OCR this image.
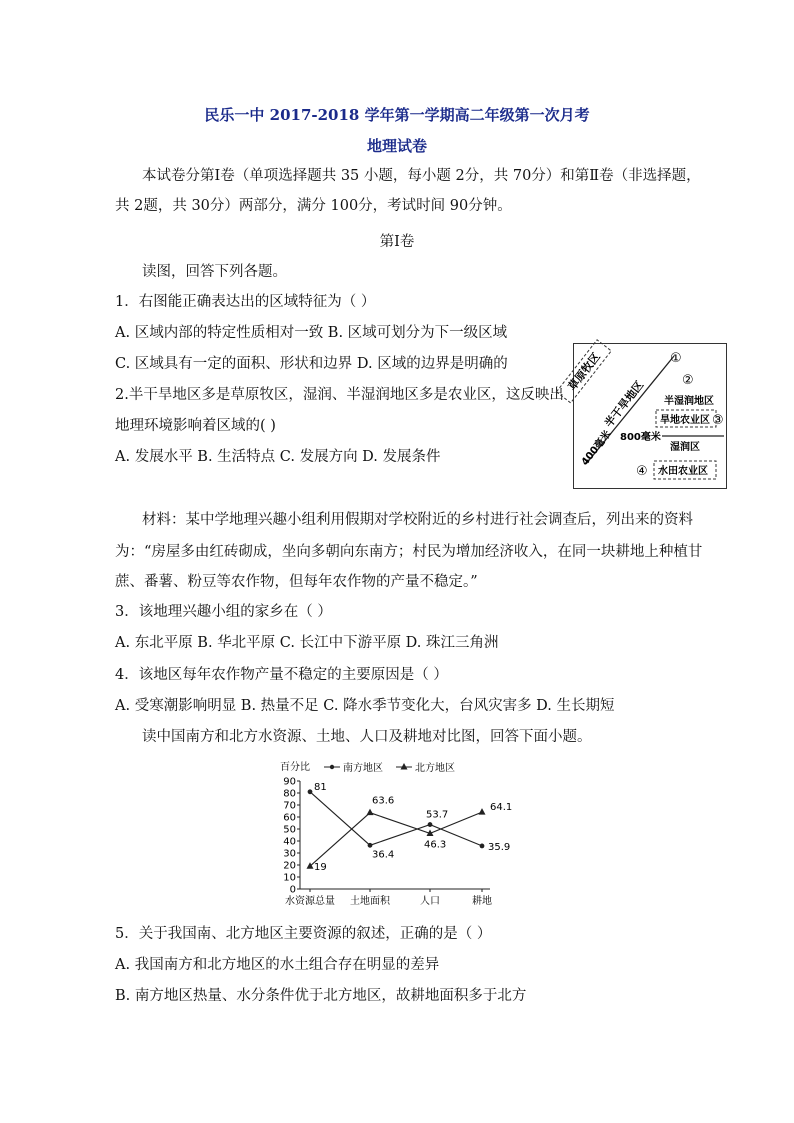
民乐一中 2017-2018 学年第一学期高二年级第一次月考
地理试卷
本试卷分第Ⅰ卷（单项选择题共 35 小题，每小题 2分，共 70分）和第Ⅱ卷（非选择题，
共 2题，共 30分）两部分，满分 100分，考试时间 90分钟。
第Ⅰ卷
读图，回答下列各题。
1．右图能正确表达出的区域特征为（ ）
A. 区域内部的特定性质相对一致 B. 区域可划分为下一级区域
C. 区域具有一定的面积、形状和边界 D. 区域的边界是明确的
2.半干旱地区多是草原牧区，湿润、半湿润地区多是农业区，这反映出
地理环境影响着区域的( )
A. 发展水平 B. 生活特点 C. 发展方向 D. 发展条件
草原牧区
半干旱地区
400毫米
①
②
半湿润地区
旱地农业区 ③
800毫米
湿润区
④ 水田农业区
材料：某中学地理兴趣小组利用假期对学校附近的乡村进行社会调查后，列出来的资料
为：“房屋多由红砖砌成，坐向多朝向东南方；村民为增加经济收入，在同一块耕地上种植甘
蔗、番薯、粉豆等农作物，但每年农作物的产量不稳定。”
3．该地理兴趣小组的家乡在（ ）
A. 东北平原 B. 华北平原 C. 长江中下游平原 D. 珠江三角洲
4．该地区每年农作物产量不稳定的主要原因是（ ）
A. 受寒潮影响明显 B. 热量不足 C. 降水季节变化大，台风灾害多 D. 生长期短
读中国南方和北方水资源、土地、人口及耕地对比图，回答下面小题。
百分比	南方地区	北方地区
0
10
20
30
40
50
60
70
80
90
水资源总量 土地面积	人口	耕地
81
36.4
53.7
35.9
19
63.6
46.3
64.1
5．关于我国南、北方地区主要资源的叙述，正确的是（ ）
A. 我国南方和北方地区的水土组合存在明显的差异
B. 南方地区热量、水分条件优于北方地区，故耕地面积多于北方
